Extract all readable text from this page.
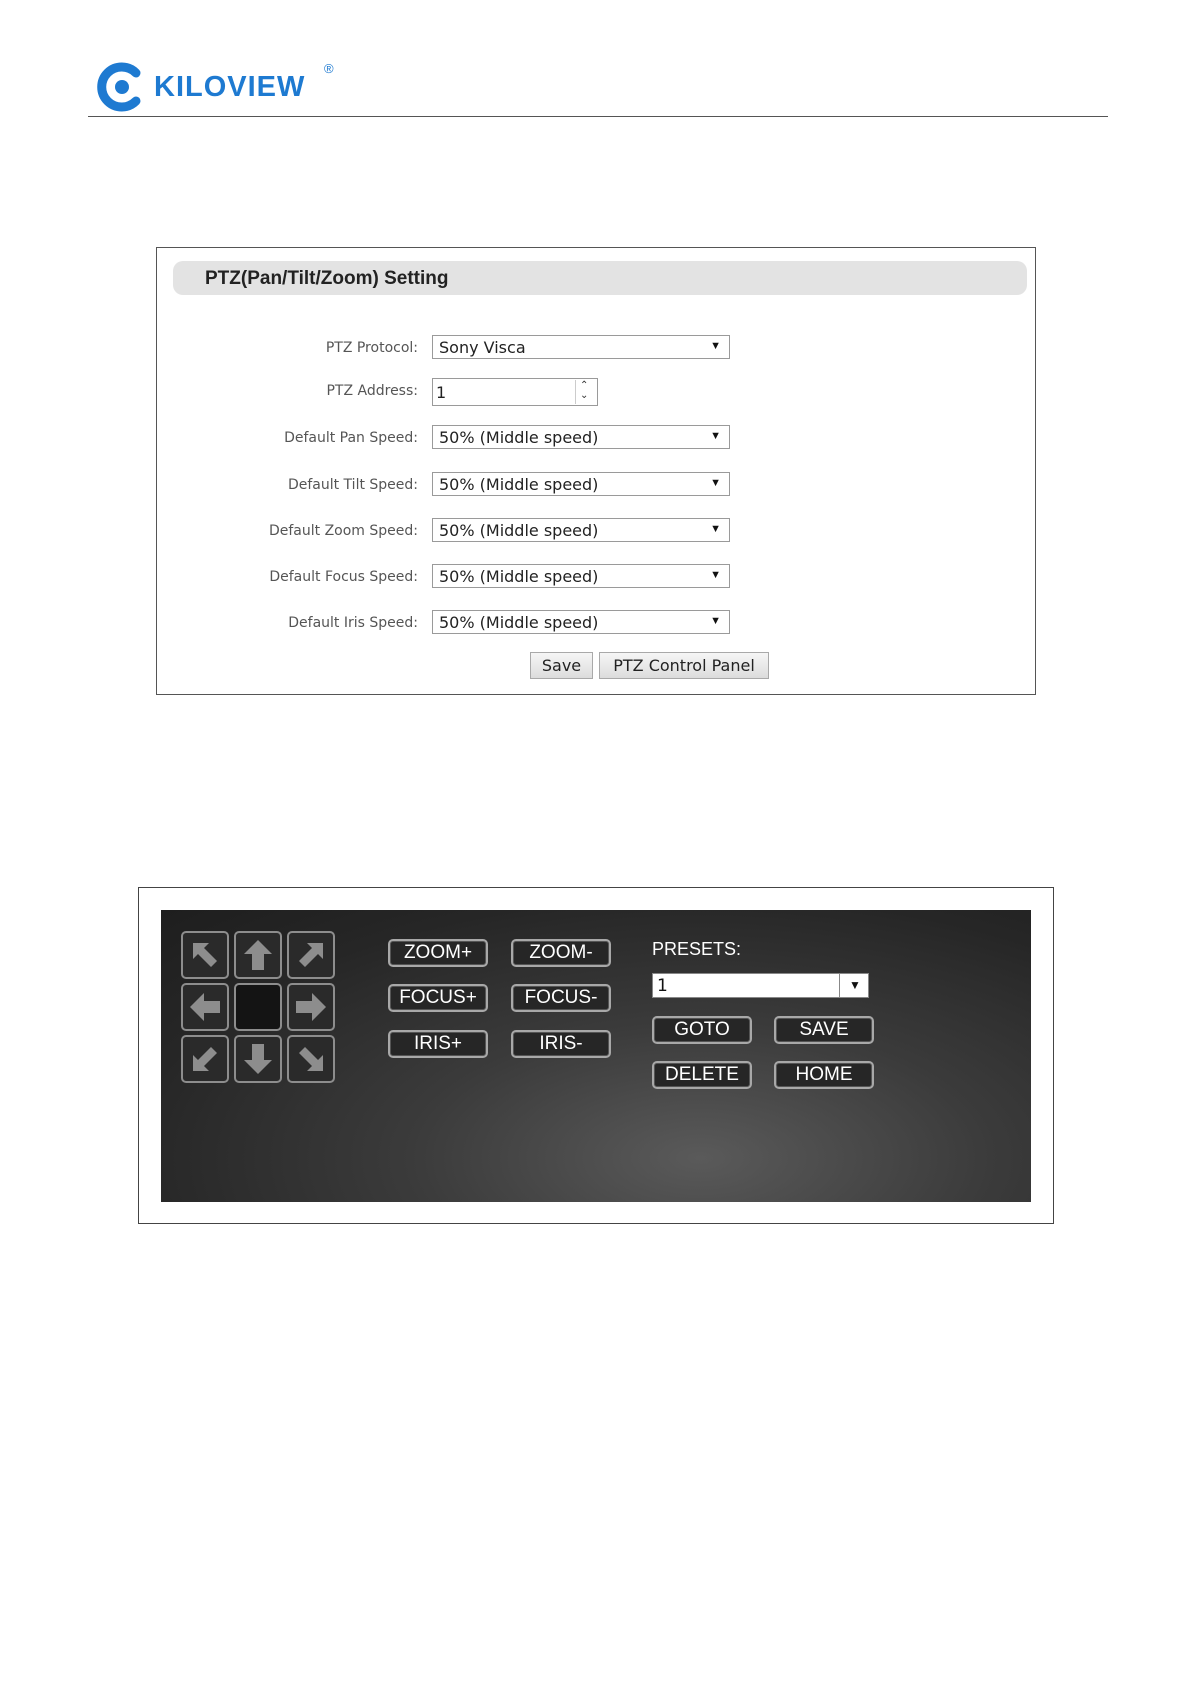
KILOVIEW
®
PTZ(Pan/Tilt/Zoom) Setting
PTZ Protocol: Sony Visca	▼
PTZ Address: 1	⌃
⌄
Default Pan Speed: 50% (Middle speed)	▼
Default Tilt Speed: 50% (Middle speed)	▼
Default Zoom Speed: 50% (Middle speed)	▼
Default Focus Speed: 50% (Middle speed)	▼
Default Iris Speed: 50% (Middle speed)	▼
Save	PTZ Control Panel
ZOOM+	ZOOM-
FOCUS+	FOCUS-
IRIS+	IRIS-
PRESETS:
1	▼
GOTO	SAVE
DELETE	HOME
